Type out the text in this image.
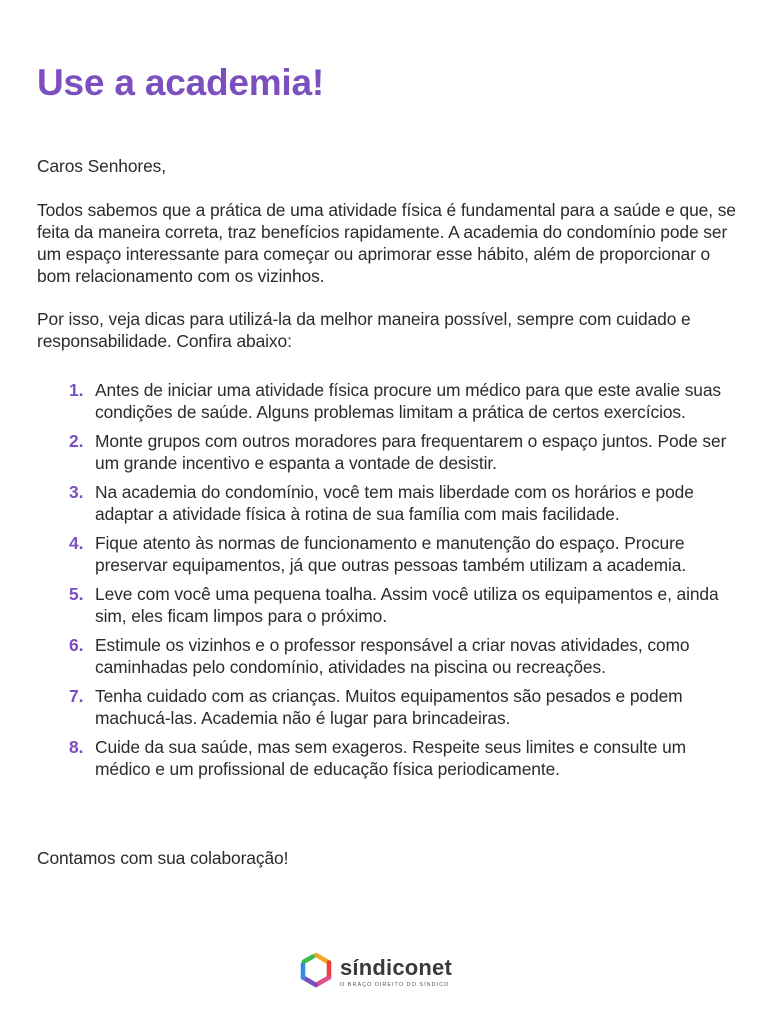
Use a academia!

Caros Senhores,

Todos sabemos que a prática de uma atividade física é fundamental para a saúde e que, se feita da maneira correta, traz benefícios rapidamente. A academia do condomínio pode ser um espaço interessante para começar ou aprimorar esse hábito, além de proporcionar o bom relacionamento com os vizinhos.

Por isso, veja dicas para utilizá-la da melhor maneira possível, sempre com cuidado e responsabilidade. Confira abaixo:

1. Antes de iniciar uma atividade física procure um médico para que este avalie suas condições de saúde. Alguns problemas limitam a prática de certos exercícios.
2. Monte grupos com outros moradores para frequentarem o espaço juntos. Pode ser um grande incentivo e espanta a vontade de desistir.
3. Na academia do condomínio, você tem mais liberdade com os horários e pode adaptar a atividade física à rotina de sua família com mais facilidade.
4. Fique atento às normas de funcionamento e manutenção do espaço. Procure preservar equipamentos, já que outras pessoas também utilizam a academia.
5. Leve com você uma pequena toalha. Assim você utiliza os equipamentos e, ainda sim, eles ficam limpos para o próximo.
6. Estimule os vizinhos e o professor responsável a criar novas atividades, como caminhadas pelo condomínio, atividades na piscina ou recreações.
7. Tenha cuidado com as crianças. Muitos equipamentos são pesados e podem machucá-las. Academia não é lugar para brincadeiras.
8. Cuide da sua saúde, mas sem exageros. Respeite seus limites e consulte um médico e um profissional de educação física periodicamente.

Contamos com sua colaboração!

síndiconet
O BRAÇO DIREITO DO SÍNDICO
